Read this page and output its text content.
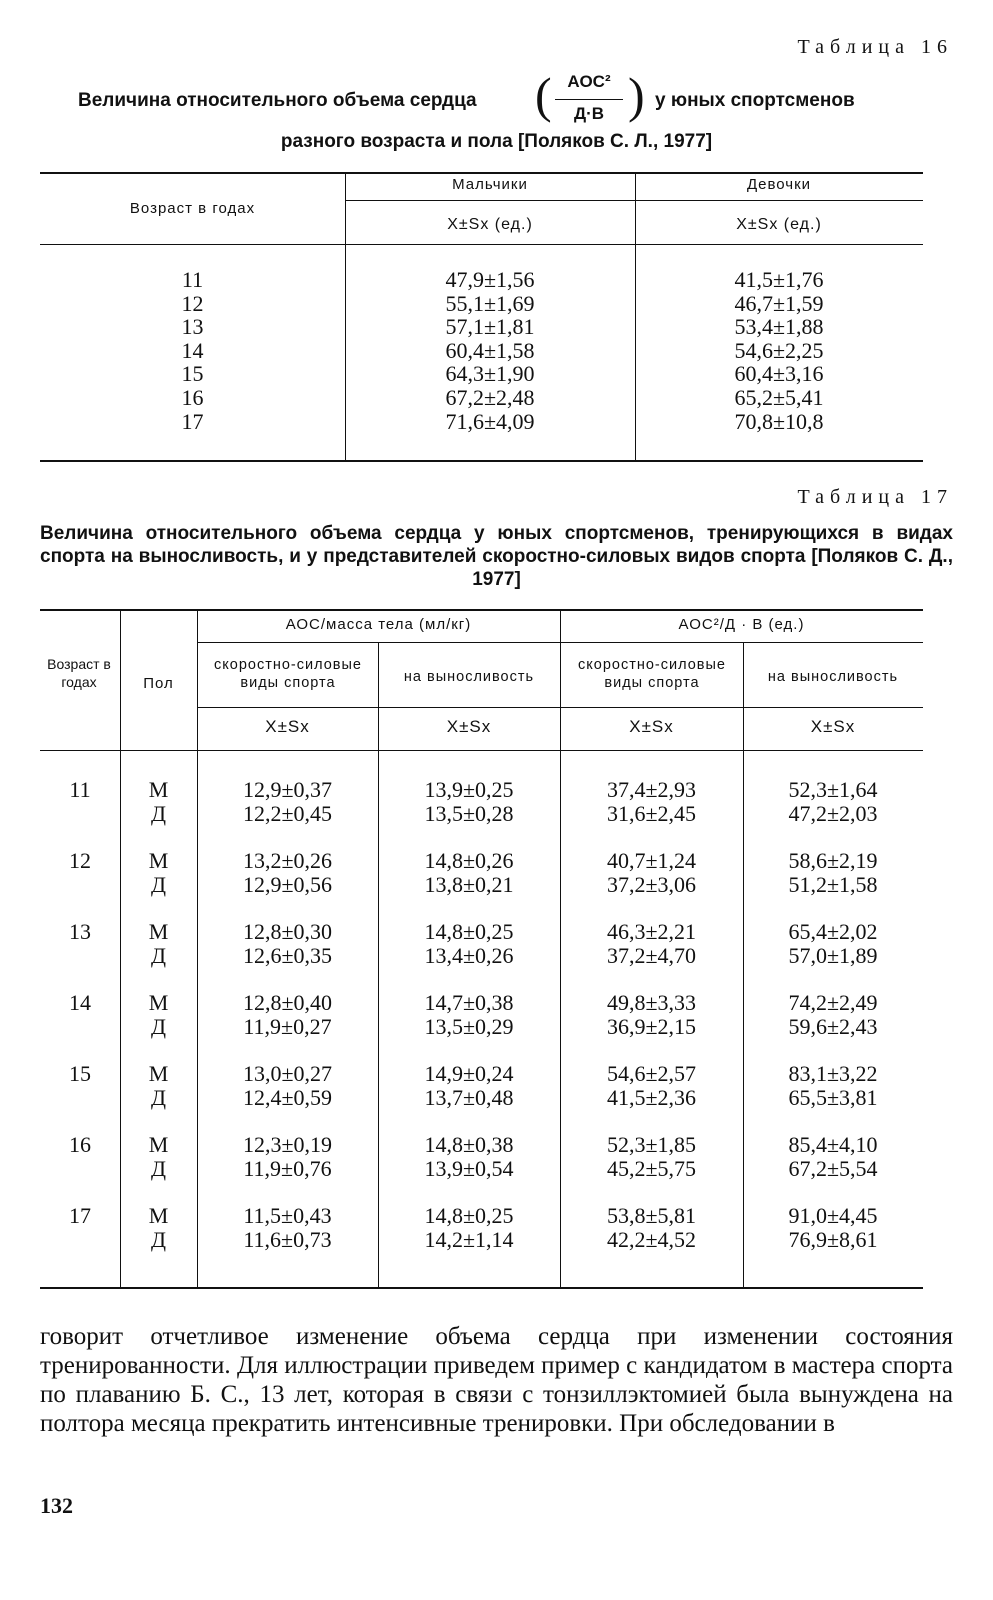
Таблица 16
Величина относительного объема сердца ( АОС²
Д·В ) у юных спортсменов
разного возраста и пола [Поляков С. Л., 1977]
Возраст в годах
Мальчики	Девочки
X±Sx (ед.)	X±Sx (ед.)
11	47,9±1,56	41,5±1,76
12	55,1±1,69	46,7±1,59
13	57,1±1,81	53,4±1,88
14	60,4±1,58	54,6±2,25
15	64,3±1,90	60,4±3,16
16	67,2±2,48	65,2±5,41
17	71,6±4,09	70,8±10,8
Таблица 17
Величина относительного объема сердца у юных спортсменов, тренирующихся в видах спорта на выносливость, и у представителей скоростно-силовых видов спорта [Поляков С. Д., 1977]
Возраст в годах	Пол
АОС/масса тела (мл/кг)	АОС²/Д · В (ед.)
скоростно-силовые виды спорта	на выносливость
скоростно-силовые виды спорта	на выносливость
X±Sx	X±Sx	X±Sx	X±Sx
11	М	12,9±0,37	13,9±0,25	37,4±2,93	52,3±1,64
Д	12,2±0,45	13,5±0,28	31,6±2,45	47,2±2,03
12	М	13,2±0,26	14,8±0,26	40,7±1,24	58,6±2,19
Д	12,9±0,56	13,8±0,21	37,2±3,06	51,2±1,58
13	М	12,8±0,30	14,8±0,25	46,3±2,21	65,4±2,02
Д	12,6±0,35	13,4±0,26	37,2±4,70	57,0±1,89
14	М	12,8±0,40	14,7±0,38	49,8±3,33	74,2±2,49
Д	11,9±0,27	13,5±0,29	36,9±2,15	59,6±2,43
15	М	13,0±0,27	14,9±0,24	54,6±2,57	83,1±3,22
Д	12,4±0,59	13,7±0,48	41,5±2,36	65,5±3,81
16	М	12,3±0,19	14,8±0,38	52,3±1,85	85,4±4,10
Д	11,9±0,76	13,9±0,54	45,2±5,75	67,2±5,54
17	М	11,5±0,43	14,8±0,25	53,8±5,81	91,0±4,45
Д	11,6±0,73	14,2±1,14	42,2±4,52	76,9±8,61
говорит отчетливое изменение объема сердца при изменении состояния тренированности. Для иллюстрации приведем пример с кандидатом в мастера спорта по плаванию Б. С., 13 лет, которая в связи с тонзиллэктомией была вынуждена на полтора месяца прекратить интенсивные тренировки. При обследовании в
132
